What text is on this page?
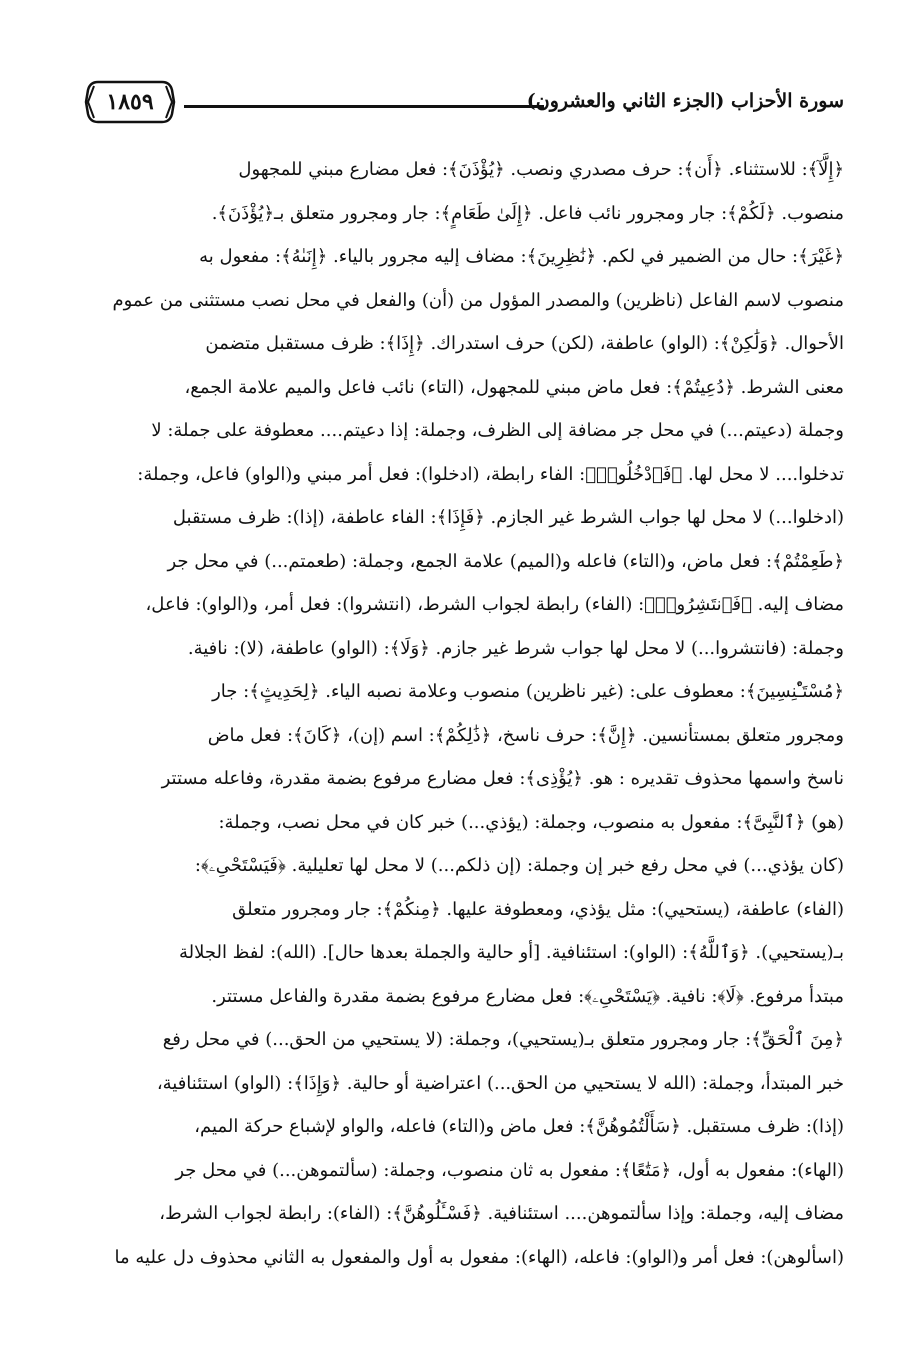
سورة الأحزاب (الجزء الثاني والعشرون)
١٨٥٩
﴿إِلَّآ﴾: للاستثناء. ﴿أَن﴾: حرف مصدري ونصب. ﴿يُؤْذَنَ﴾: فعل مضارع مبني للمجهول
منصوب. ﴿لَكُمْ﴾: جار ومجرور نائب فاعل. ﴿إِلَىٰ طَعَامٍ﴾: جار ومجرور متعلق بـ﴿يُؤْذَنَ﴾.
﴿غَيْرَ﴾: حال من الضمير في لكم. ﴿نَٰظِرِينَ﴾: مضاف إليه مجرور بالياء. ﴿إِنَىٰهُ﴾: مفعول به
منصوب لاسم الفاعل (ناظرين) والمصدر المؤول من (أن) والفعل في محل نصب مستثنى من عموم
الأحوال. ﴿وَلَٰكِنْ﴾: (الواو) عاطفة، (لكن) حرف استدراك. ﴿إِذَا﴾: ظرف مستقبل متضمن
معنى الشرط. ﴿دُعِيتُمْ﴾: فعل ماض مبني للمجهول، (التاء) نائب فاعل والميم علامة الجمع،
وجملة (دعيتم...) في محل جر مضافة إلى الظرف، وجملة: إذا دعيتم.... معطوفة على جملة: لا
تدخلوا.... لا محل لها. ﴿فَٱدْخُلُوا۟﴾: الفاء رابطة، (ادخلوا): فعل أمر مبني و(الواو) فاعل، وجملة:
(ادخلوا...) لا محل لها جواب الشرط غير الجازم. ﴿فَإِذَا﴾: الفاء عاطفة، (إذا): ظرف مستقبل
﴿طَعِمْتُمْ﴾: فعل ماض، و(التاء) فاعله و(الميم) علامة الجمع، وجملة: (طعمتم...) في محل جر
مضاف إليه. ﴿فَٱنتَشِرُوا۟﴾: (الفاء) رابطة لجواب الشرط، (انتشروا): فعل أمر، و(الواو): فاعل،
وجملة: (فانتشروا...) لا محل لها جواب شرط غير جازم. ﴿وَلَا﴾: (الواو) عاطفة، (لا): نافية.
﴿مُسْتَـْٔنِسِينَ﴾: معطوف على: (غير ناظرين) منصوب وعلامة نصبه الياء. ﴿لِحَدِيثٍ﴾: جار
ومجرور متعلق بمستأنسين. ﴿إِنَّ﴾: حرف ناسخ، ﴿ذَٰلِكُمْ﴾: اسم (إن)، ﴿كَانَ﴾: فعل ماض
ناسخ واسمها محذوف تقديره : هو. ﴿يُؤْذِى﴾: فعل مضارع مرفوع بضمة مقدرة، وفاعله مستتر
(هو) ﴿ٱلنَّبِىَّ﴾: مفعول به منصوب، وجملة: (يؤذي...) خبر كان في محل نصب، وجملة:
(كان يؤذي...) في محل رفع خبر إن وجملة: (إن ذلكم...) لا محل لها تعليلية. ﴿فَيَسْتَحْىِۦ﴾:
(الفاء) عاطفة، (يستحيي): مثل يؤذي، ومعطوفة عليها. ﴿مِنكُمْ﴾: جار ومجرور متعلق
بـ(يستحيي). ﴿وَٱللَّهُ﴾: (الواو): استئنافية. [أو حالية والجملة بعدها حال]. (الله): لفظ الجلالة
مبتدأ مرفوع. ﴿لَا﴾: نافية. ﴿يَسْتَحْىِۦ﴾: فعل مضارع مرفوع بضمة مقدرة والفاعل مستتر.
﴿مِنَ ٱلْحَقِّ﴾: جار ومجرور متعلق بـ(يستحيي)، وجملة: (لا يستحيي من الحق...) في محل رفع
خبر المبتدأ، وجملة: (الله لا يستحيي من الحق...) اعتراضية أو حالية. ﴿وَإِذَا﴾: (الواو) استئنافية،
(إذا): ظرف مستقبل. ﴿سَأَلْتُمُوهُنَّ﴾: فعل ماض و(التاء) فاعله، والواو لإشباع حركة الميم،
(الهاء): مفعول به أول، ﴿مَتَٰعًا﴾: مفعول به ثان منصوب، وجملة: (سألتموهن...) في محل جر
مضاف إليه، وجملة: وإذا سألتموهن.... استئنافية. ﴿فَسْـَٔلُوهُنَّ﴾: (الفاء): رابطة لجواب الشرط،
(اسألوهن): فعل أمر و(الواو): فاعله، (الهاء): مفعول به أول والمفعول به الثاني محذوف دل عليه ما
